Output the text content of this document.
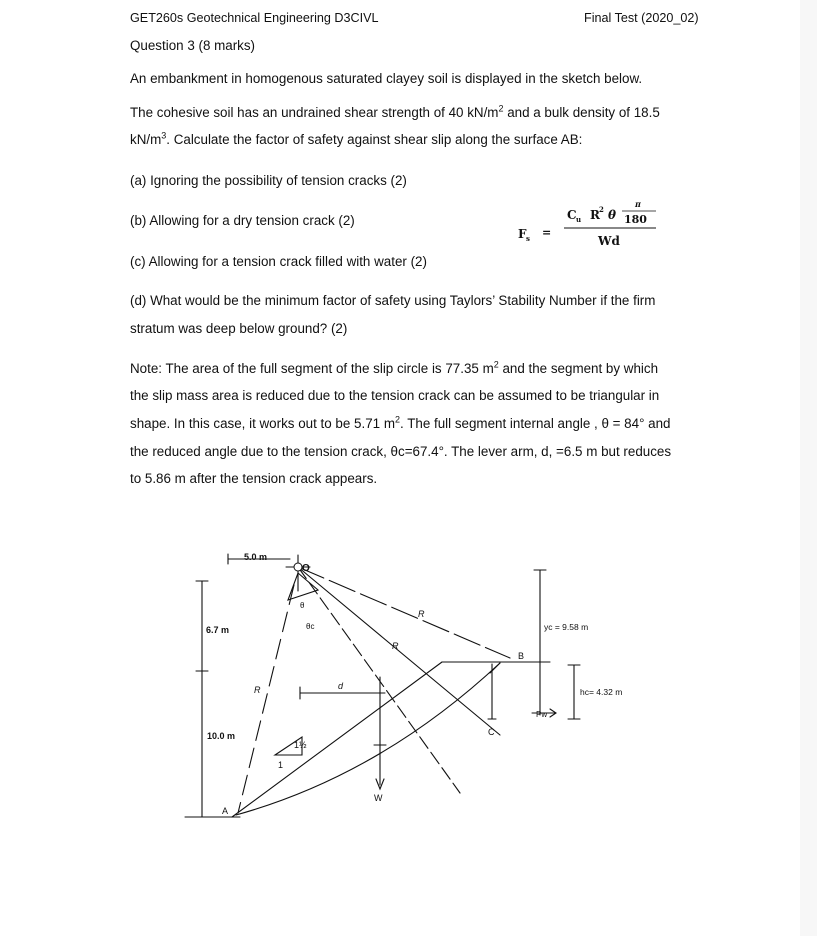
GET260s Geotechnical Engineering D3CIVL	Final Test (2020_02)
Question 3 (8 marks)
An embankment in homogenous saturated clayey soil is displayed in the sketch below.
The cohesive soil has an undrained shear strength of 40 $kN/m^2$ and a bulk density of 18.5
$kN/m^3$. Calculate the factor of safety against shear slip along the surface AB:
(a) Ignoring the possibility of tension cracks (2)
(b) Allowing for a dry tension crack (2)
(c) Allowing for a tension crack filled with water (2)
(d) What would be the minimum factor of safety using Taylors’ Stability Number if the firm
stratum was deep below ground? (2)
Note: The area of the full segment of the slip circle is 77.35 $m^2$ and the segment by which
the slip mass area is reduced due to the tension crack can be assumed to be triangular in
shape. In this case, it works out to be 5.71 $m^2$. The full segment internal angle , θ = 84° and
the reduced angle due to the tension crack, θc=67.4°. The lever arm, d, =6.5 m but reduces
to 5.86 m after the tension crack appears.
F s =
C u R 2 θ
π
180
Wd
5.0 m
O
θ
θc
R
R
R
6.7 m
10.0 m
d
1½
1
A
B
C
W
Pw
yc = 9.58 m
hc= 4.32 m
